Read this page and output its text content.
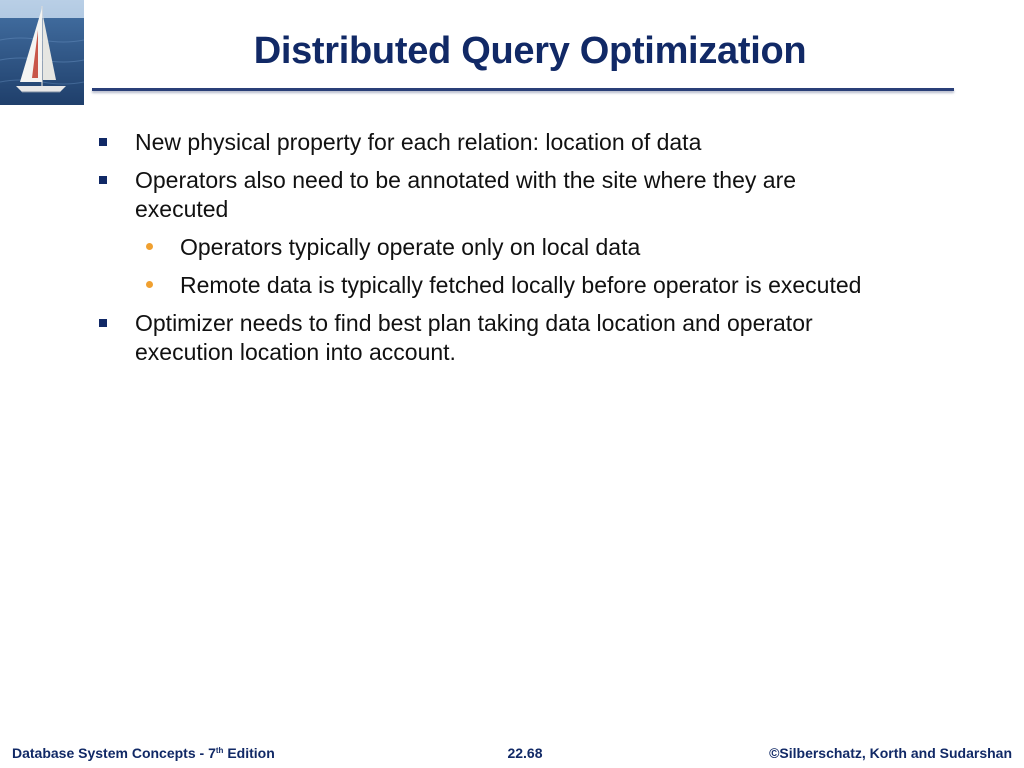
Distributed Query Optimization
New physical property for each relation: location of data
Operators also need to be annotated with the site where they are executed
Operators typically operate only on local data
Remote data is typically fetched locally before operator is executed
Optimizer needs to find best plan taking data location and operator execution location into account.
Database System Concepts - 7th Edition	22.68	©Silberschatz, Korth and Sudarshan
